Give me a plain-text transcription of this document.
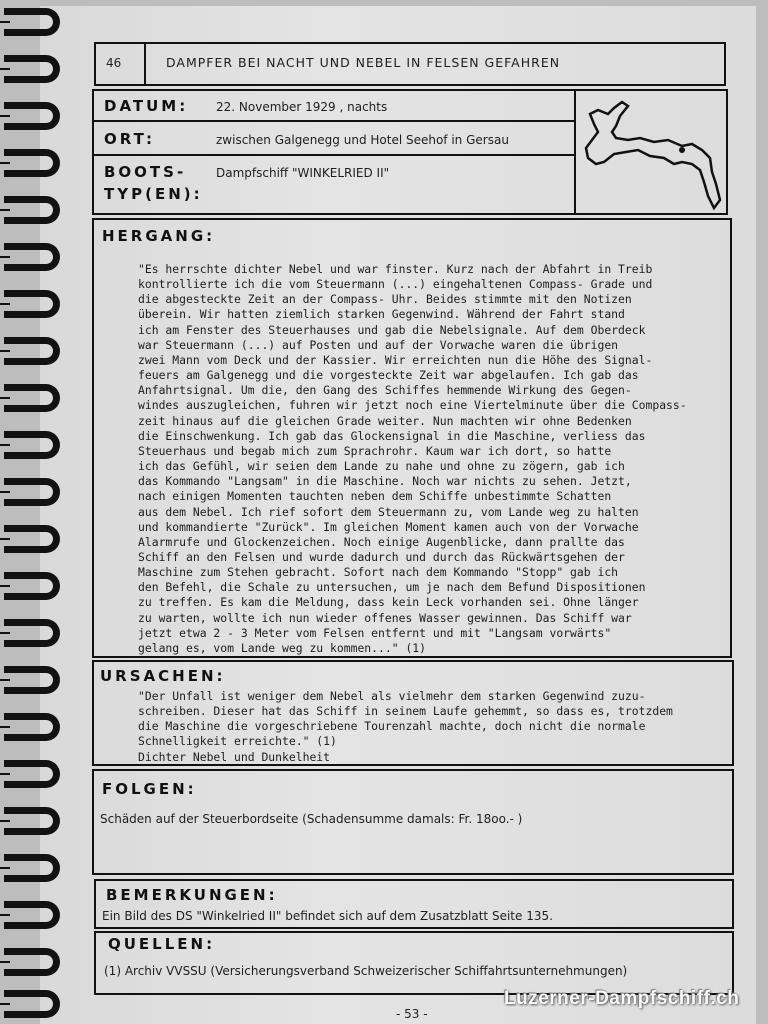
46	DAMPFER BEI NACHT UND NEBEL IN FELSEN GEFAHREN
DATUM: 22. November 1929 , nachts
ORT:	zwischen Galgenegg und Hotel Seehof in Gersau
BOOTS-
TYP(EN):
Dampfschiff "WINKELRIED II"
HERGANG:
"Es herrschte dichter Nebel und war finster. Kurz nach der Abfahrt in Treib
kontrollierte ich die vom Steuermann (...) eingehaltenen Compass- Grade und
die abgesteckte Zeit an der Compass- Uhr. Beides stimmte mit den Notizen
überein. Wir hatten ziemlich starken Gegenwind. Während der Fahrt stand
ich am Fenster des Steuerhauses und gab die Nebelsignale. Auf dem Oberdeck
war Steuermann (...) auf Posten und auf der Vorwache waren die übrigen
zwei Mann vom Deck und der Kassier. Wir erreichten nun die Höhe des Signal-
feuers am Galgenegg und die vorgesteckte Zeit war abgelaufen. Ich gab das
Anfahrtsignal. Um die, den Gang des Schiffes hemmende Wirkung des Gegen-
windes auszugleichen, fuhren wir jetzt noch eine Viertelminute über die Compass-
zeit hinaus auf die gleichen Grade weiter. Nun machten wir ohne Bedenken
die Einschwenkung. Ich gab das Glockensignal in die Maschine, verliess das
Steuerhaus und begab mich zum Sprachrohr. Kaum war ich dort, so hatte
ich das Gefühl, wir seien dem Lande zu nahe und ohne zu zögern, gab ich
das Kommando "Langsam" in die Maschine. Noch war nichts zu sehen. Jetzt,
nach einigen Momenten tauchten neben dem Schiffe unbestimmte Schatten
aus dem Nebel. Ich rief sofort dem Steuermann zu, vom Lande weg zu halten
und kommandierte "Zurück". Im gleichen Moment kamen auch von der Vorwache
Alarmrufe und Glockenzeichen. Noch einige Augenblicke, dann prallte das
Schiff an den Felsen und wurde dadurch und durch das Rückwärtsgehen der
Maschine zum Stehen gebracht. Sofort nach dem Kommando "Stopp" gab ich
den Befehl, die Schale zu untersuchen, um je nach dem Befund Dispositionen
zu treffen. Es kam die Meldung, dass kein Leck vorhanden sei. Ohne länger
zu warten, wollte ich nun wieder offenes Wasser gewinnen. Das Schiff war
jetzt etwa 2 - 3 Meter vom Felsen entfernt und mit "Langsam vorwärts"
gelang es, vom Lande weg zu kommen..." (1)
URSACHEN:
"Der Unfall ist weniger dem Nebel als vielmehr dem starken Gegenwind zuzu-
schreiben. Dieser hat das Schiff in seinem Laufe gehemmt, so dass es, trotzdem
die Maschine die vorgeschriebene Tourenzahl machte, doch nicht die normale
Schnelligkeit erreichte." (1)
Dichter Nebel und Dunkelheit
FOLGEN:
Schäden auf der Steuerbordseite (Schadensumme damals: Fr. 18oo.- )
BEMERKUNGEN:
Ein Bild des DS "Winkelried II" befindet sich auf dem Zusatzblatt Seite 135.
QUELLEN:
(1) Archiv VVSSU (Versicherungsverband Schweizerischer Schiffahrtsunternehmungen)
- 53 -
Luzerner-Dampfschiff.ch
